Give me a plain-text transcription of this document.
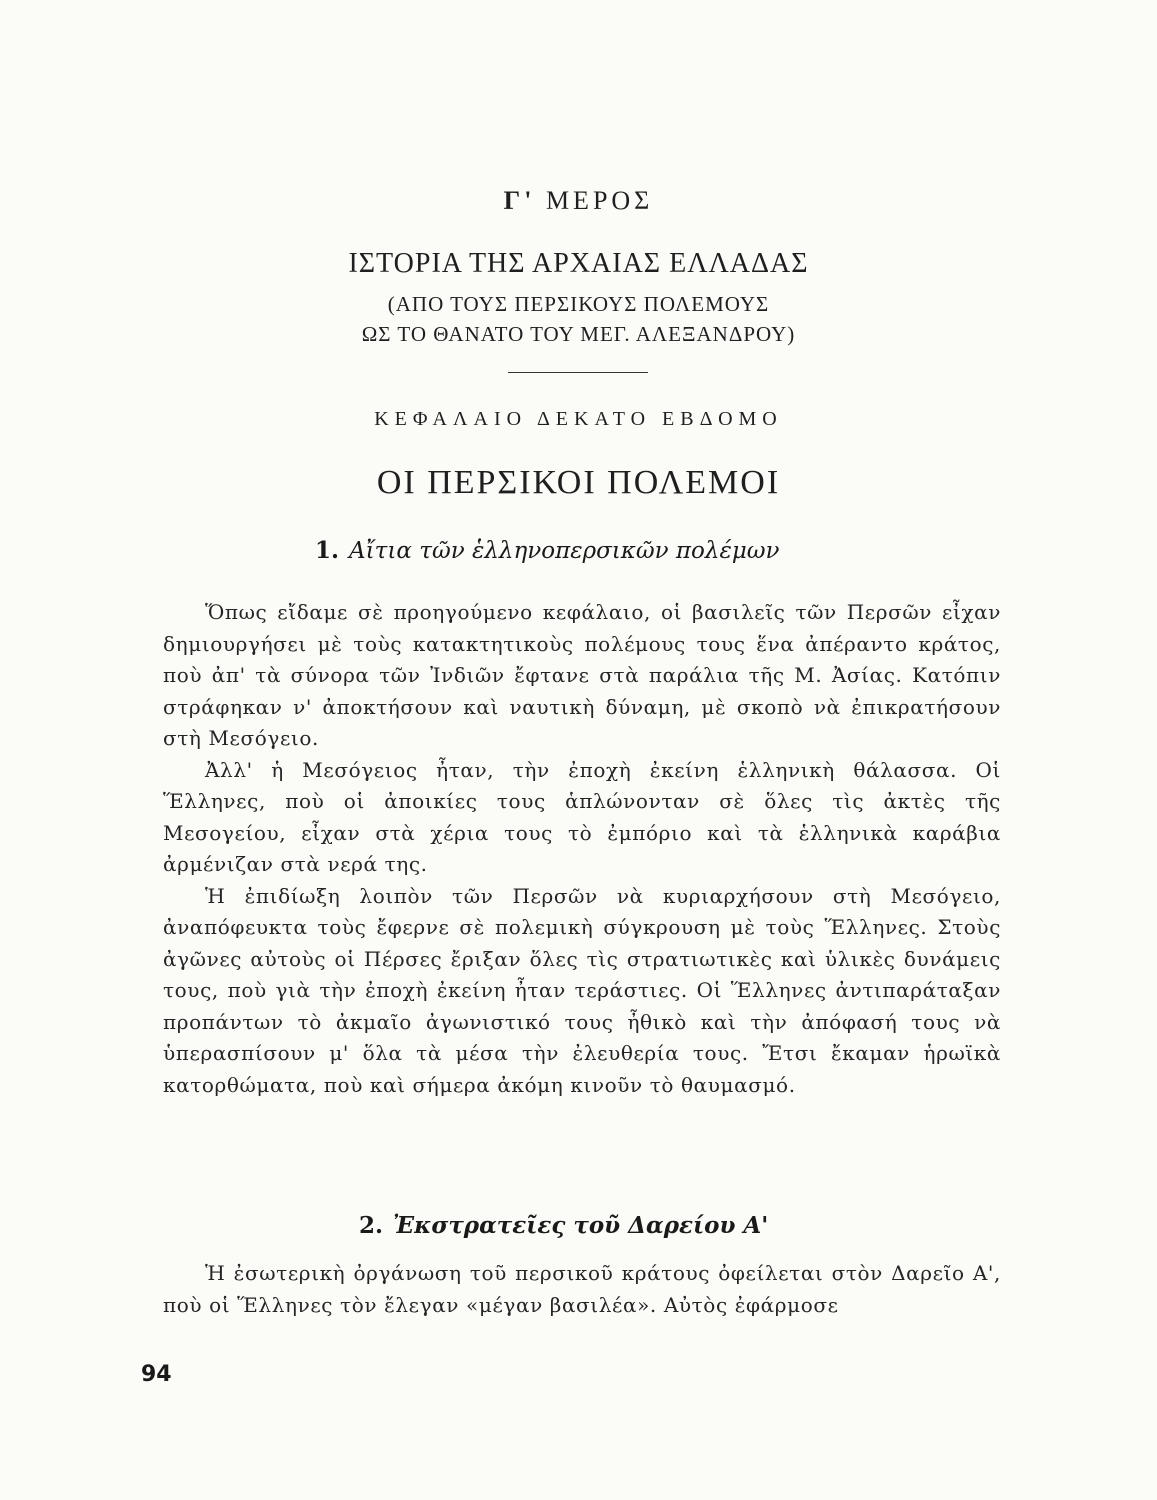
Γ' ΜΕΡΟΣ
ΙΣΤΟΡΙΑ ΤΗΣ ΑΡΧΑΙΑΣ ΕΛΛΑΔΑΣ
(ΑΠΟ ΤΟΥΣ ΠΕΡΣΙΚΟΥΣ ΠΟΛΕΜΟΥΣ
ΩΣ ΤΟ ΘΑΝΑΤΟ ΤΟΥ ΜΕΓ. ΑΛΕΞΑΝΔΡΟΥ)
ΚΕΦΑΛΑΙΟ ΔΕΚΑΤΟ ΕΒΔΟΜΟ
ΟΙ ΠΕΡΣΙΚΟΙ ΠΟΛΕΜΟΙ
1. Αἴτια τῶν ἑλληνοπερσικῶν πολέμων

Ὅπως εἴδαμε σὲ προηγούμενο κεφάλαιο, οἱ βασιλεῖς τῶν Περσῶν εἶχαν δημιουργήσει μὲ τοὺς κατακτητικοὺς πολέμους τους ἕνα ἀπέραντο κράτος, ποὺ ἀπ' τὰ σύνορα τῶν Ἰνδιῶν ἔφτανε στὰ παράλια τῆς Μ. Ἀσίας. Κατόπιν στράφηκαν ν' ἀποκτήσουν καὶ ναυτικὴ δύναμη, μὲ σκοπὸ νὰ ἐπικρατήσουν στὴ Μεσόγειο.

Ἀλλ' ἡ Μεσόγειος ἦταν, τὴν ἐποχὴ ἐκείνη ἑλληνικὴ θάλασσα. Οἱ Ἕλληνες, ποὺ οἱ ἀποικίες τους ἁπλώνονταν σὲ ὅλες τὶς ἀκτὲς τῆς Μεσογείου, εἶχαν στὰ χέρια τους τὸ ἐμπόριο καὶ τὰ ἑλληνικὰ καράβια ἀρμένιζαν στὰ νερά της.

Ἡ ἐπιδίωξη λοιπὸν τῶν Περσῶν νὰ κυριαρχήσουν στὴ Μεσόγειο, ἀναπόφευκτα τοὺς ἔφερνε σὲ πολεμικὴ σύγκρουση μὲ τοὺς Ἕλληνες. Στοὺς ἀγῶνες αὐτοὺς οἱ Πέρσες ἔριξαν ὅλες τὶς στρατιωτικὲς καὶ ὑλικὲς δυνάμεις τους, ποὺ γιὰ τὴν ἐποχὴ ἐκείνη ἦταν τεράστιες. Οἱ Ἕλληνες ἀντιπαράταξαν προπάντων τὸ ἀκμαῖο ἀγωνιστικό τους ἦθικὸ καὶ τὴν ἀπόφασή τους νὰ ὑπερασπίσουν μ' ὅλα τὰ μέσα τὴν ἐλευθερία τους. Ἔτσι ἔκαμαν ἡρωϊκὰ κατορθώματα, ποὺ καὶ σήμερα ἀκόμη κινοῦν τὸ θαυμασμό.

2. Ἐκστρατεῖες τοῦ Δαρείου Α'

Ἡ ἐσωτερικὴ ὀργάνωση τοῦ περσικοῦ κράτους ὀφείλεται στὸν Δαρεῖο Α', ποὺ οἱ Ἕλληνες τὸν ἔλεγαν «μέγαν βασιλέα». Αὐτὸς ἐφάρμοσε

94
